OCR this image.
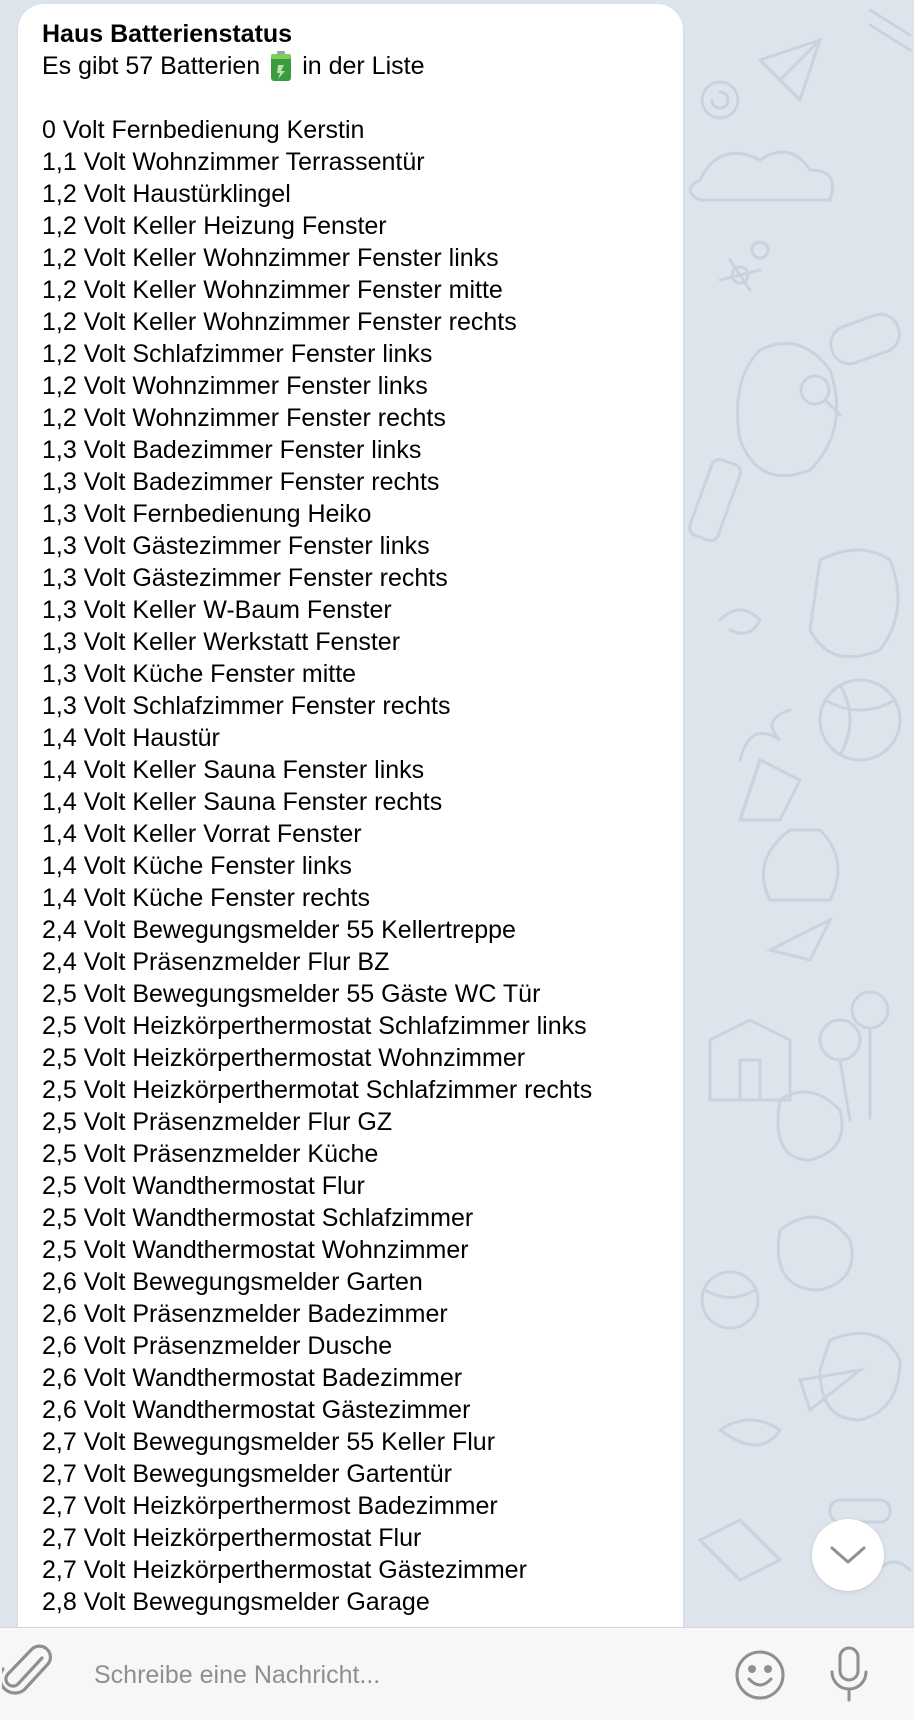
Haus Batterienstatus
Es gibt 57 Batterien in der Liste
0 Volt Fernbedienung Kerstin
1,1 Volt Wohnzimmer Terrassentür
1,2 Volt Haustürklingel
1,2 Volt Keller Heizung Fenster
1,2 Volt Keller Wohnzimmer Fenster links
1,2 Volt Keller Wohnzimmer Fenster mitte
1,2 Volt Keller Wohnzimmer Fenster rechts
1,2 Volt Schlafzimmer Fenster links
1,2 Volt Wohnzimmer Fenster links
1,2 Volt Wohnzimmer Fenster rechts
1,3 Volt Badezimmer Fenster links
1,3 Volt Badezimmer Fenster rechts
1,3 Volt Fernbedienung Heiko
1,3 Volt Gästezimmer Fenster links
1,3 Volt Gästezimmer Fenster rechts
1,3 Volt Keller W-Baum Fenster
1,3 Volt Keller Werkstatt Fenster
1,3 Volt Küche Fenster mitte
1,3 Volt Schlafzimmer Fenster rechts
1,4 Volt Haustür
1,4 Volt Keller Sauna Fenster links
1,4 Volt Keller Sauna Fenster rechts
1,4 Volt Keller Vorrat Fenster
1,4 Volt Küche Fenster links
1,4 Volt Küche Fenster rechts
2,4 Volt Bewegungsmelder 55 Kellertreppe
2,4 Volt Präsenzmelder Flur BZ
2,5 Volt Bewegungsmelder 55 Gäste WC Tür
2,5 Volt Heizkörperthermostat Schlafzimmer links
2,5 Volt Heizkörperthermostat Wohnzimmer
2,5 Volt Heizkörperthermotat Schlafzimmer rechts
2,5 Volt Präsenzmelder Flur GZ
2,5 Volt Präsenzmelder Küche
2,5 Volt Wandthermostat Flur
2,5 Volt Wandthermostat Schlafzimmer
2,5 Volt Wandthermostat Wohnzimmer
2,6 Volt Bewegungsmelder Garten
2,6 Volt Präsenzmelder Badezimmer
2,6 Volt Präsenzmelder Dusche
2,6 Volt Wandthermostat Badezimmer
2,6 Volt Wandthermostat Gästezimmer
2,7 Volt Bewegungsmelder 55 Keller Flur
2,7 Volt Bewegungsmelder Gartentür
2,7 Volt Heizkörperthermost Badezimmer
2,7 Volt Heizkörperthermostat Flur
2,7 Volt Heizkörperthermostat Gästezimmer
2,8 Volt Bewegungsmelder Garage
Schreibe eine Nachricht...
